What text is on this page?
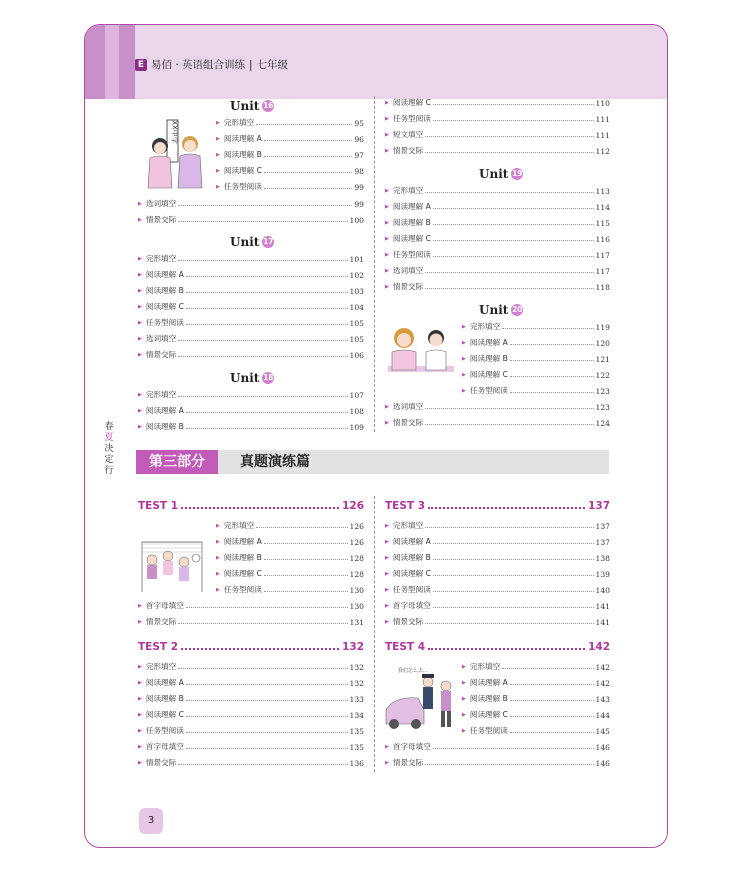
E 易佰 · 英语组合训练 | 七年级
春
夏
决
定
行
Unit 16
XX中学	▶ 完形填空	95
▶ 阅读理解 A	96
▶ 阅读理解 B	97
▶ 阅读理解 C	98
▶ 任务型阅读	99
▶ 选词填空	99
▶ 情景交际	100
Unit 17
▶ 完形填空	101
▶ 阅读理解 A	102
▶ 阅读理解 B	103
▶ 阅读理解 C	104
▶ 任务型阅读	105
▶ 选词填空	105
▶ 情景交际	106
Unit 18
▶ 完形填空	107
▶ 阅读理解 A	108
▶ 阅读理解 B	109
▶ 阅读理解 C	110
▶ 任务型阅读	111
▶ 短文填空	111
▶ 情景交际	112
Unit 19
▶ 完形填空	113
▶ 阅读理解 A	114
▶ 阅读理解 B	115
▶ 阅读理解 C	116
▶ 任务型阅读	117
▶ 选词填空	117
▶ 情景交际	118
Unit 20
▶ 完形填空	119
▶ 阅读理解 A	120
▶ 阅读理解 B	121
▶ 阅读理解 C	122
▶ 任务型阅读	123
▶ 选词填空	123
▶ 情景交际	124
第三部分	真题演练篇
TEST 1	126
▶ 完形填空	126
▶ 阅读理解 A	126
▶ 阅读理解 B	128
▶ 阅读理解 C	128
▶ 任务型阅读	130
▶ 首字母填空	130
▶ 情景交际	131
TEST 2	132
▶ 完形填空	132
▶ 阅读理解 A	132
▶ 阅读理解 B	133
▶ 阅读理解 C	134
▶ 任务型阅读	135
▶ 首字母填空	135
▶ 情景交际	136
TEST 3	137
▶ 完形填空	137
▶ 阅读理解 A	137
▶ 阅读理解 B	138
▶ 阅读理解 C	139
▶ 任务型阅读	140
▶ 首字母填空	141
▶ 情景交际	141
TEST 4	142
我们怎么去...
▶ 完形填空	142
▶ 阅读理解 A	142
▶ 阅读理解 B	143
▶ 阅读理解 C	144
▶ 任务型阅读	145
▶ 首字母填空	146
▶ 情景交际	146
3
